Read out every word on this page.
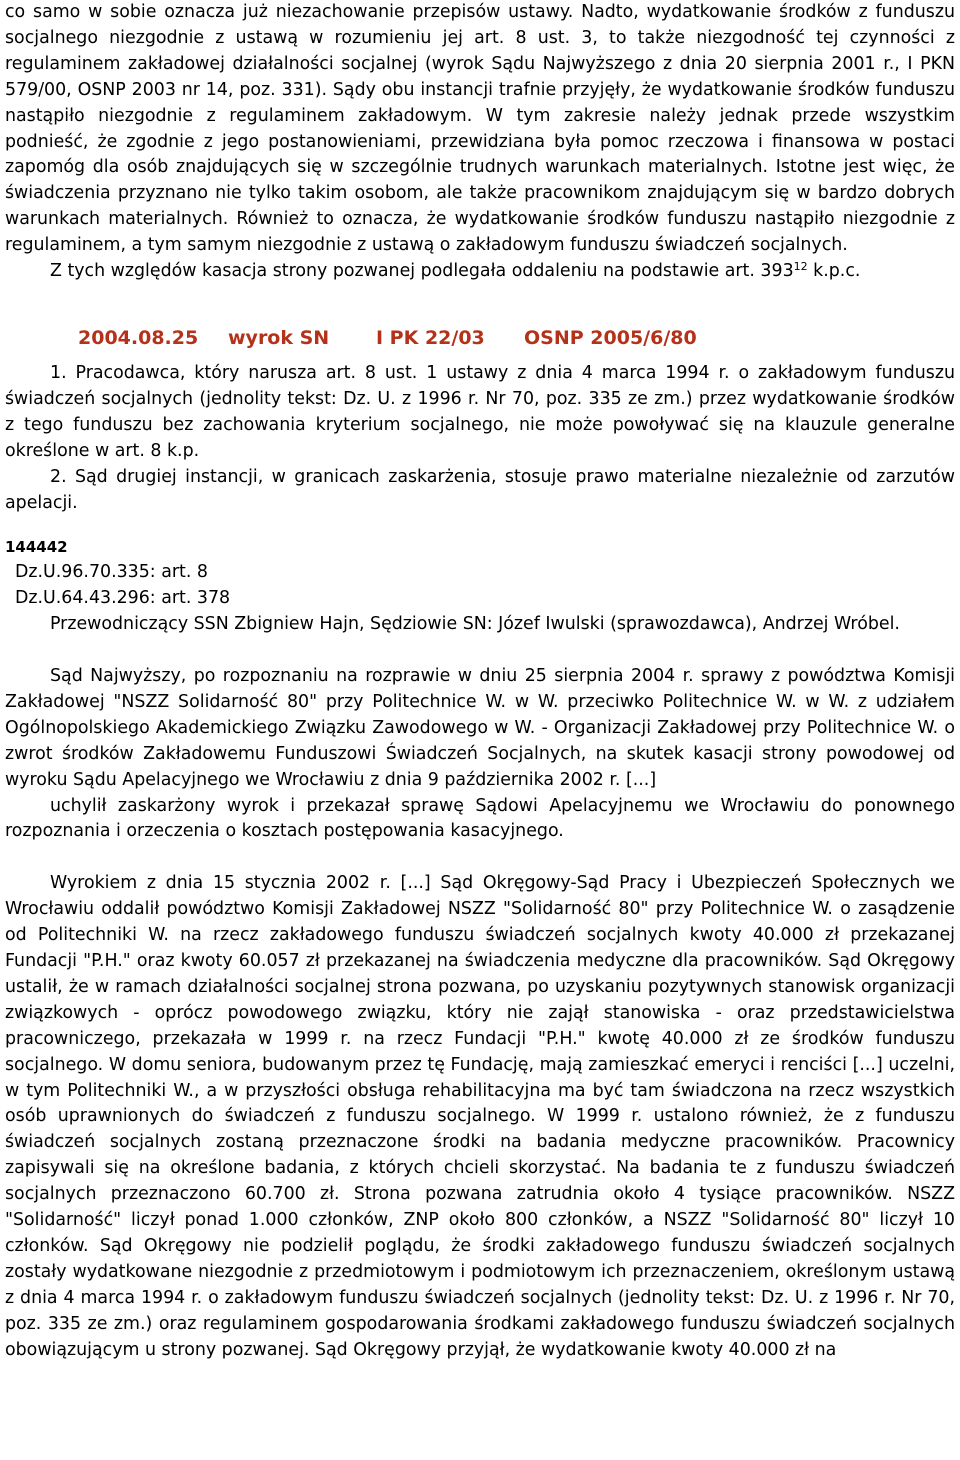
co samo w sobie oznacza już niezachowanie przepisów ustawy. Nadto, wydatkowanie środków z funduszu socjalnego niezgodnie z ustawą w rozumieniu jej art. 8 ust. 3, to także niezgodność tej czynności z regulaminem zakładowej działalności socjalnej (wyrok Sądu Najwyższego z dnia 20 sierpnia 2001 r., I PKN 579/00, OSNP 2003 nr 14, poz. 331). Sądy obu instancji trafnie przyjęły, że wydatkowanie środków funduszu nastąpiło niezgodnie z regulaminem zakładowym. W tym zakresie należy jednak przede wszystkim podnieść, że zgodnie z jego postanowieniami, przewidziana była pomoc rzeczowa i finansowa w postaci zapomóg dla osób znajdujących się w szczególnie trudnych warunkach materialnych. Istotne jest więc, że świadczenia przyznano nie tylko takim osobom, ale także pracownikom znajdującym się w bardzo dobrych warunkach materialnych. Również to oznacza, że wydatkowanie środków funduszu nastąpiło niezgodnie z regulaminem, a tym samym niezgodnie z ustawą o zakładowym funduszu świadczeń socjalnych.

Z tych względów kasacja strony pozwanej podlegała oddaleniu na podstawie art. $393^{12}$ k.p.c.

2004.08.25 wyrok SN I PK 22/03 OSNP 2005/6/80

1. Pracodawca, który narusza art. 8 ust. 1 ustawy z dnia 4 marca 1994 r. o zakładowym funduszu świadczeń socjalnych (jednolity tekst: Dz. U. z 1996 r. Nr 70, poz. 335 ze zm.) przez wydatkowanie środków z tego funduszu bez zachowania kryterium socjalnego, nie może powoływać się na klauzule generalne określone w art. 8 k.p.

2. Sąd drugiej instancji, w granicach zaskarżenia, stosuje prawo materialne niezależnie od zarzutów apelacji.

144442
Dz.U.96.70.335: art. 8
Dz.U.64.43.296: art. 378

Przewodniczący SSN Zbigniew Hajn, Sędziowie SN: Józef Iwulski (sprawozdawca), Andrzej Wróbel.

Sąd Najwyższy, po rozpoznaniu na rozprawie w dniu 25 sierpnia 2004 r. sprawy z powództwa Komisji Zakładowej "NSZZ Solidarność 80" przy Politechnice W. w W. przeciwko Politechnice W. w W. z udziałem Ogólnopolskiego Akademickiego Związku Zawodowego w W. - Organizacji Zakładowej przy Politechnice W. o zwrot środków Zakładowemu Funduszowi Świadczeń Socjalnych, na skutek kasacji strony powodowej od wyroku Sądu Apelacyjnego we Wrocławiu z dnia 9 października 2002 r. [...]

uchylił zaskarżony wyrok i przekazał sprawę Sądowi Apelacyjnemu we Wrocławiu do ponownego rozpoznania i orzeczenia o kosztach postępowania kasacyjnego.

Wyrokiem z dnia 15 stycznia 2002 r. [...] Sąd Okręgowy-Sąd Pracy i Ubezpieczeń Społecznych we Wrocławiu oddalił powództwo Komisji Zakładowej NSZZ "Solidarność 80" przy Politechnice W. o zasądzenie od Politechniki W. na rzecz zakładowego funduszu świadczeń socjalnych kwoty 40.000 zł przekazanej Fundacji "P.H." oraz kwoty 60.057 zł przekazanej na świadczenia medyczne dla pracowników. Sąd Okręgowy ustalił, że w ramach działalności socjalnej strona pozwana, po uzyskaniu pozytywnych stanowisk organizacji związkowych - oprócz powodowego związku, który nie zajął stanowiska - oraz przedstawicielstwa pracowniczego, przekazała w 1999 r. na rzecz Fundacji "P.H." kwotę 40.000 zł ze środków funduszu socjalnego. W domu seniora, budowanym przez tę Fundację, mają zamieszkać emeryci i renciści [...] uczelni, w tym Politechniki W., a w przyszłości obsługa rehabilitacyjna ma być tam świadczona na rzecz wszystkich osób uprawnionych do świadczeń z funduszu socjalnego. W 1999 r. ustalono również, że z funduszu świadczeń socjalnych zostaną przeznaczone środki na badania medyczne pracowników. Pracownicy zapisywali się na określone badania, z których chcieli skorzystać. Na badania te z funduszu świadczeń socjalnych przeznaczono 60.700 zł. Strona pozwana zatrudnia około 4 tysiące pracowników. NSZZ "Solidarność" liczył ponad 1.000 członków, ZNP około 800 członków, a NSZZ "Solidarność 80" liczył 10 członków. Sąd Okręgowy nie podzielił poglądu, że środki zakładowego funduszu świadczeń socjalnych zostały wydatkowane niezgodnie z przedmiotowym i podmiotowym ich przeznaczeniem, określonym ustawą z dnia 4 marca 1994 r. o zakładowym funduszu świadczeń socjalnych (jednolity tekst: Dz. U. z 1996 r. Nr 70, poz. 335 ze zm.) oraz regulaminem gospodarowania środkami zakładowego funduszu świadczeń socjalnych obowiązującym u strony pozwanej. Sąd Okręgowy przyjął, że wydatkowanie kwoty 40.000 zł na
